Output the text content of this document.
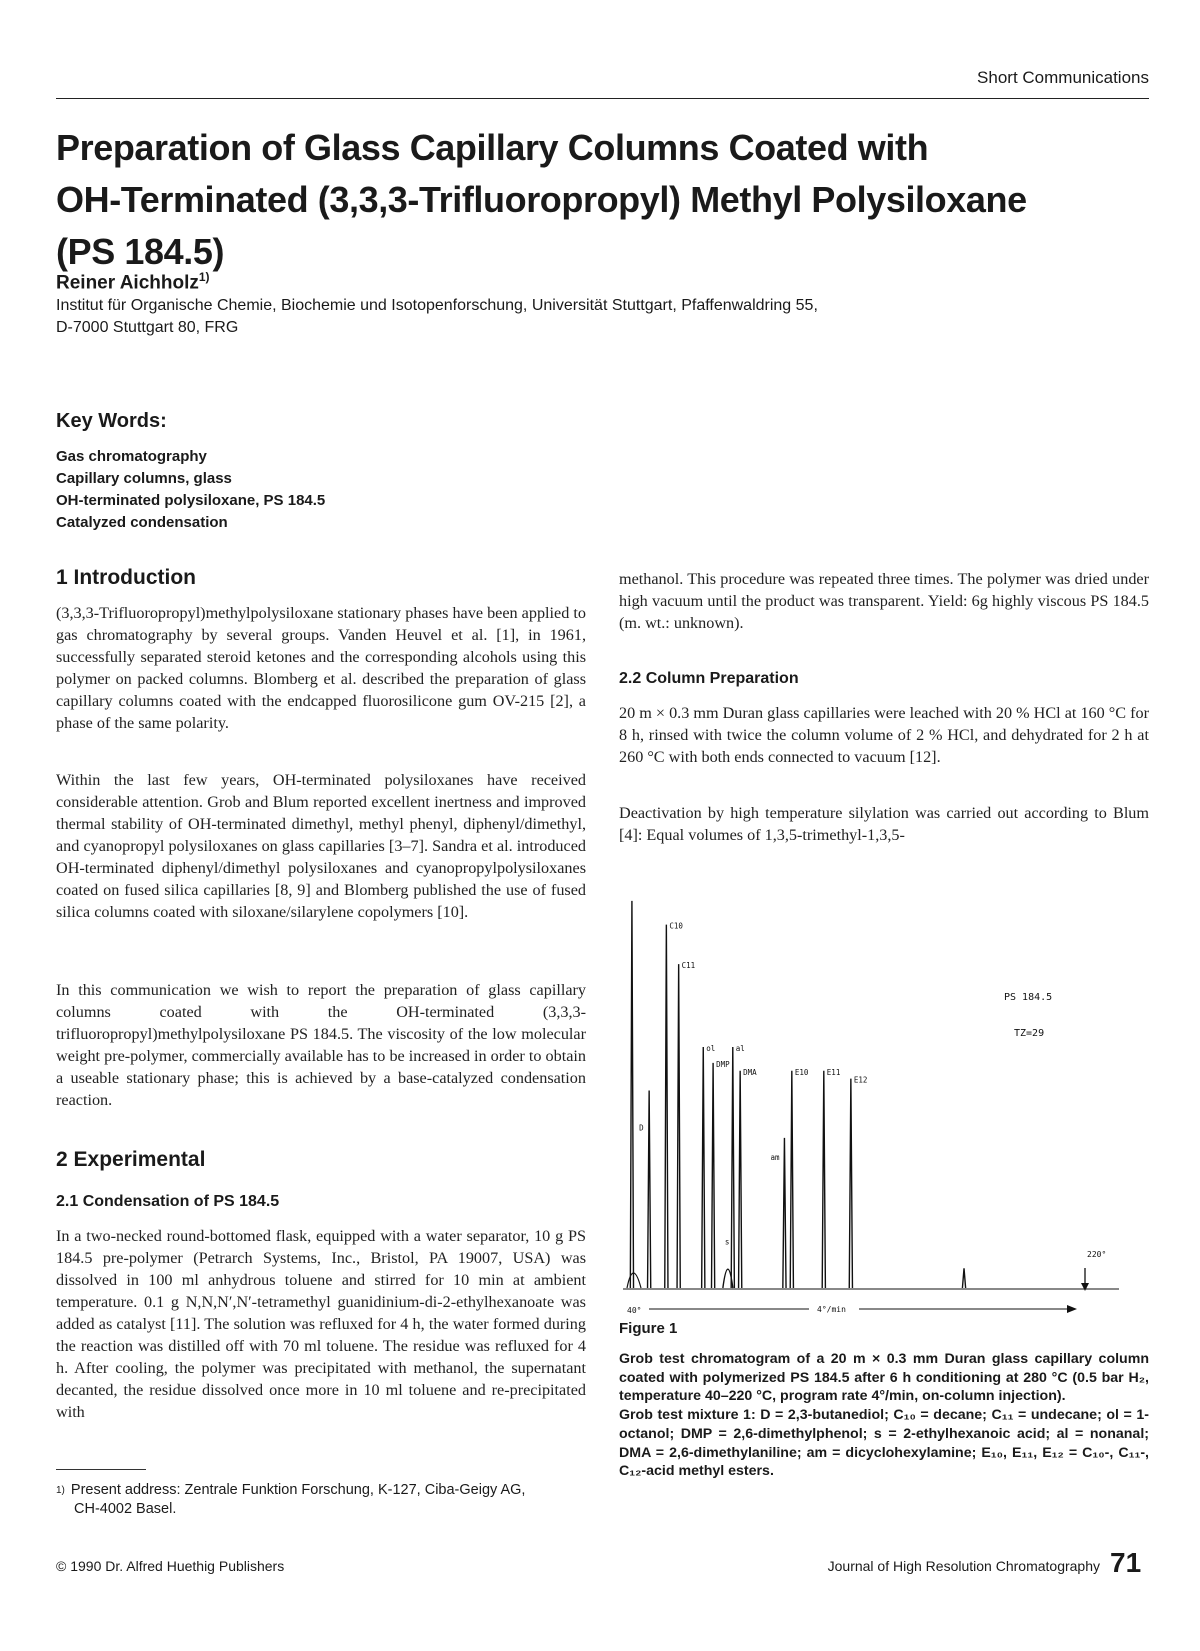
Short Communications
Preparation of Glass Capillary Columns Coated with
OH-Terminated (3,3,3-Trifluoropropyl) Methyl Polysiloxane
(PS 184.5)
Reiner Aichholz$^{1)}$
Institut für Organische Chemie, Biochemie und Isotopenforschung, Universität Stuttgart, Pfaffenwaldring 55,
D-7000 Stuttgart 80, FRG
Key Words:
Gas chromatography
Capillary columns, glass
OH-terminated polysiloxane, PS 184.5
Catalyzed condensation
1 Introduction
(3,3,3-Trifluoropropyl)methylpolysiloxane stationary phases have been applied to gas chromatography by several groups. Vanden Heuvel et al. [1], in 1961, successfully separated steroid ketones and the corresponding alcohols using this polymer on packed columns. Blomberg et al. described the preparation of glass capillary columns coated with the endcapped fluorosilicone gum OV-215 [2], a phase of the same polarity.
Within the last few years, OH-terminated polysiloxanes have received considerable attention. Grob and Blum reported excellent inertness and improved thermal stability of OH-terminated dimethyl, methyl phenyl, diphenyl/dimethyl, and cyanopropyl polysiloxanes on glass capillaries [3–7]. Sandra et al. introduced OH-terminated diphenyl/dimethyl polysiloxanes and cyanopropylpolysiloxanes coated on fused silica capillaries [8, 9] and Blomberg published the use of fused silica columns coated with siloxane/silarylene copolymers [10].
In this communication we wish to report the preparation of glass capillary columns coated with the OH-terminated (3,3,3-trifluoropropyl)methylpolysiloxane PS 184.5. The viscosity of the low molecular weight pre-polymer, commercially available has to be increased in order to obtain a useable stationary phase; this is achieved by a base-catalyzed condensation reaction.
2 Experimental
2.1 Condensation of PS 184.5
In a two-necked round-bottomed flask, equipped with a water separator, 10 g PS 184.5 pre-polymer (Petrarch Systems, Inc., Bristol, PA 19007, USA) was dissolved in 100 ml anhydrous toluene and stirred for 10 min at ambient temperature. 0.1 g N,N,N′,N′-tetramethyl guanidinium-di-2-ethylhexanoate was added as catalyst [11]. The solution was refluxed for 4 h, the water formed during the reaction was distilled off with 70 ml toluene. The residue was refluxed for 4 h. After cooling, the polymer was precipitated with methanol, the supernatant decanted, the residue dissolved once more in 10 ml toluene and re-precipitated with
$^{1)}$ Present address: Zentrale Funktion Forschung, K-127, Ciba-Geigy AG,
CH-4002 Basel.
methanol. This procedure was repeated three times. The polymer was dried under high vacuum until the product was transparent. Yield: 6g highly viscous PS 184.5 (m. wt.: unknown).
2.2 Column Preparation
20 m × 0.3 mm Duran glass capillaries were leached with 20 % HCl at 160 °C for 8 h, rinsed with twice the column volume of 2 % HCl, and dehydrated for 2 h at 260 °C with both ends connected to vacuum [12].
Deactivation by high temperature silylation was carried out according to Blum [4]: Equal volumes of 1,3,5-trimethyl-1,3,5-
D
C10
C11
ol
DMP
s
al
DMA
am
E10 E11
E12
PS 184.5
TZ=29
220°
40°	4°/min
Figure 1
Grob test chromatogram of a 20 m × 0.3 mm Duran glass capillary column coated with polymerized PS 184.5 after 6 h conditioning at 280 °C (0.5 bar H₂, temperature 40–220 °C, program rate 4°/min, on-column injection).
Grob test mixture 1: D = 2,3-butanediol; C₁₀ = decane; C₁₁ = undecane; ol = 1-octanol; DMP = 2,6-dimethylphenol; s = 2-ethylhexanoic acid; al = nonanal; DMA = 2,6-dimethylaniline; am = dicyclohexylamine; E₁₀, E₁₁, E₁₂ = C₁₀-, C₁₁-, C₁₂-acid methyl esters.
© 1990 Dr. Alfred Huethig Publishers	Journal of High Resolution Chromatography 71
